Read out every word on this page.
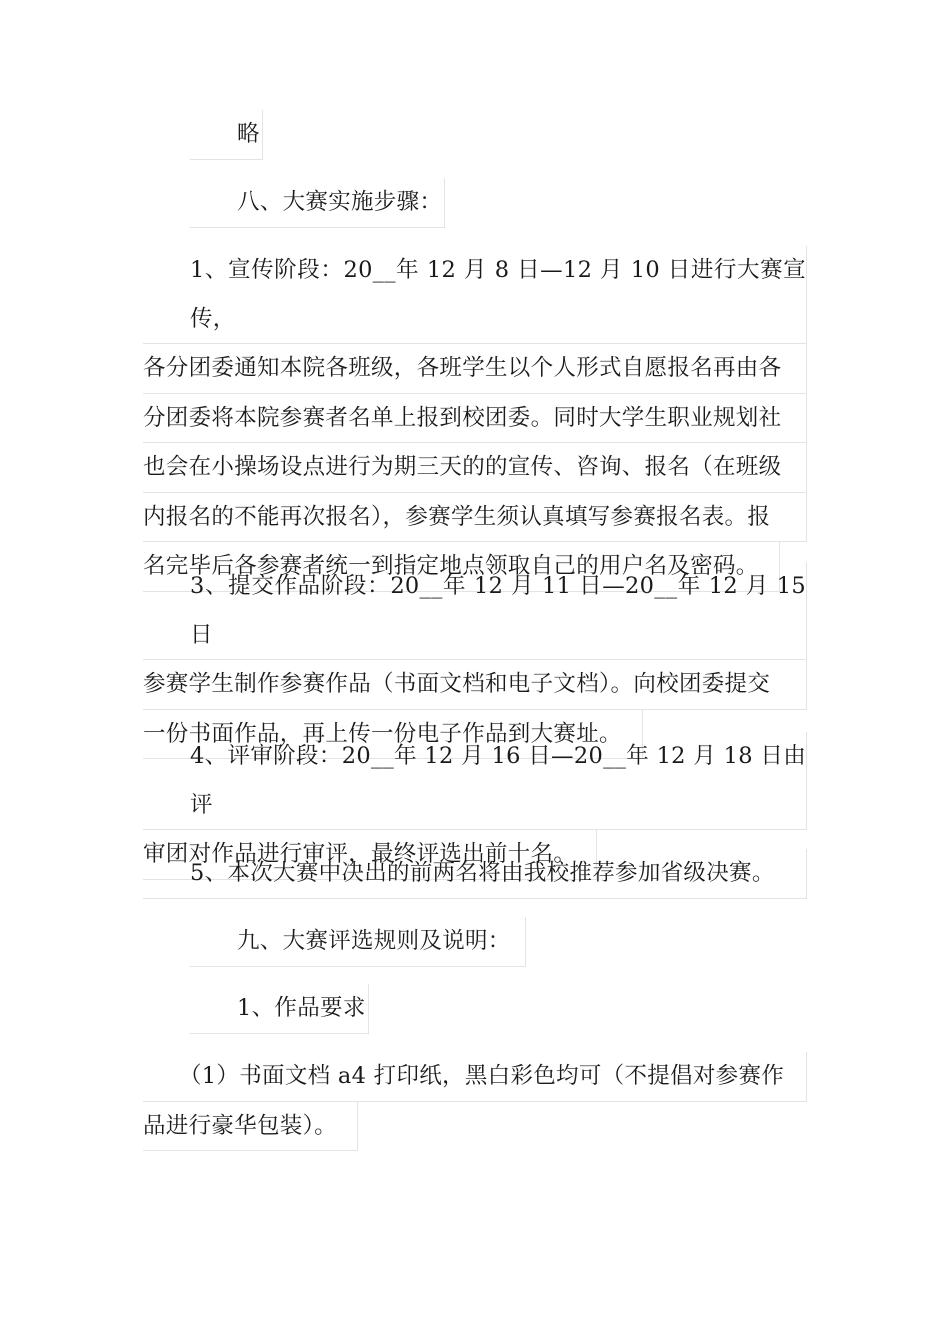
略
八、大赛实施步骤：
1、宣传阶段：20__年 12 月 8 日—12 月 10 日进行大赛宣传，
各分团委通知本院各班级，各班学生以个人形式自愿报名再由各
分团委将本院参赛者名单上报到校团委。同时大学生职业规划社
也会在小操场设点进行为期三天的的宣传、咨询、报名（在班级
内报名的不能再次报名），参赛学生须认真填写参赛报名表。报
名完毕后各参赛者统一到指定地点领取自己的用户名及密码。
3、提交作品阶段：20__年 12 月 11 日—20__年 12 月 15 日
参赛学生制作参赛作品（书面文档和电子文档）。向校团委提交
一份书面作品，再上传一份电子作品到大赛址。
4、评审阶段：20__年 12 月 16 日—20__年 12 月 18 日由评
审团对作品进行审评，最终评选出前十名。
5、本次大赛中决出的前两名将由我校推荐参加省级决赛。
九、大赛评选规则及说明：
1、作品要求
（1）书面文档 a4 打印纸，黑白彩色均可（不提倡对参赛作
品进行豪华包装）。
